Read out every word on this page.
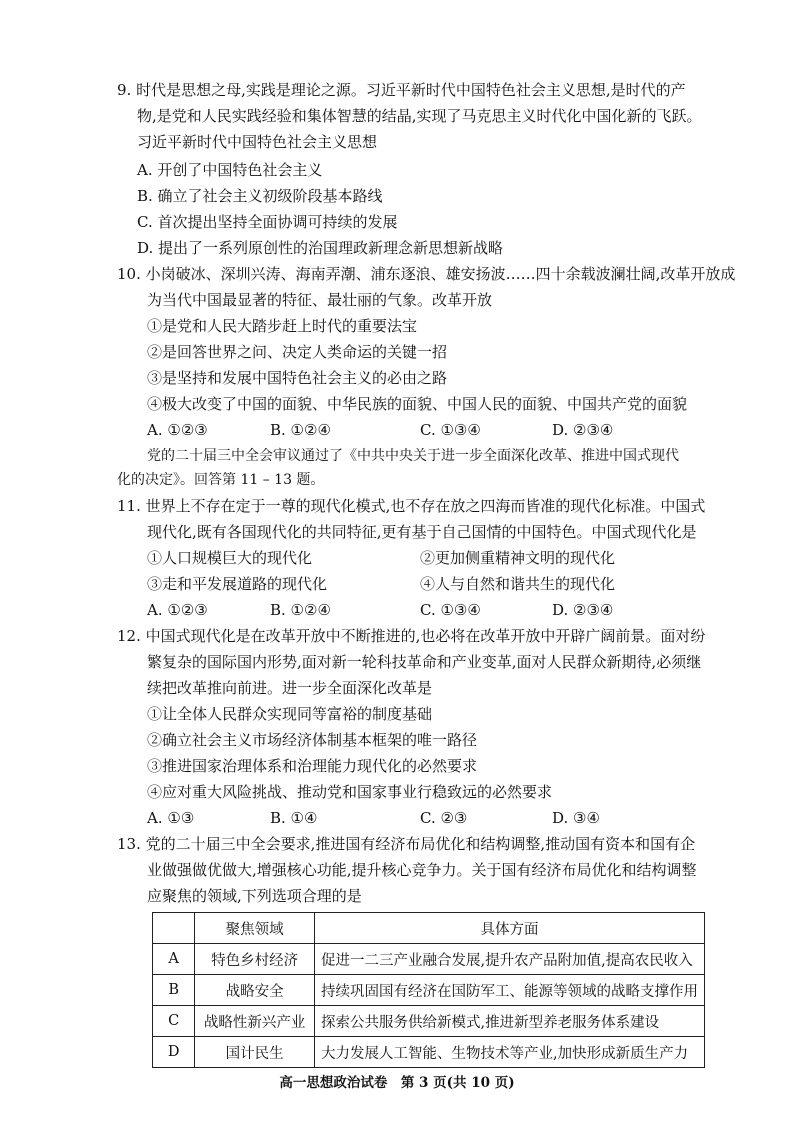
9. 时代是思想之母,实践是理论之源。习近平新时代中国特色社会主义思想,是时代的产
物,是党和人民实践经验和集体智慧的结晶,实现了马克思主义时代化中国化新的飞跃。
习近平新时代中国特色社会主义思想
A. 开创了中国特色社会主义
B. 确立了社会主义初级阶段基本路线
C. 首次提出坚持全面协调可持续的发展
D. 提出了一系列原创性的治国理政新理念新思想新战略
10. 小岗破冰、深圳兴涛、海南弄潮、浦东逐浪、雄安扬波……四十余载波澜壮阔,改革开放成
为当代中国最显著的特征、最壮丽的气象。改革开放
①是党和人民大踏步赶上时代的重要法宝
②是回答世界之问、决定人类命运的关键一招
③是坚持和发展中国特色社会主义的必由之路
④极大改变了中国的面貌、中华民族的面貌、中国人民的面貌、中国共产党的面貌
A. ①②③	B. ①②④	C. ①③④	D. ②③④
党的二十届三中全会审议通过了《中共中央关于进一步全面深化改革、推进中国式现代
化的决定》。回答第 11 – 13 题。
11. 世界上不存在定于一尊的现代化模式,也不存在放之四海而皆准的现代化标准。中国式
现代化,既有各国现代化的共同特征,更有基于自己国情的中国特色。中国式现代化是
①人口规模巨大的现代化	②更加侧重精神文明的现代化
③走和平发展道路的现代化	④人与自然和谐共生的现代化
A. ①②③	B. ①②④	C. ①③④	D. ②③④
12. 中国式现代化是在改革开放中不断推进的,也必将在改革开放中开辟广阔前景。面对纷
繁复杂的国际国内形势,面对新一轮科技革命和产业变革,面对人民群众新期待,必须继
续把改革推向前进。进一步全面深化改革是
①让全体人民群众实现同等富裕的制度基础
②确立社会主义市场经济体制基本框架的唯一路径
③推进国家治理体系和治理能力现代化的必然要求
④应对重大风险挑战、推动党和国家事业行稳致远的必然要求
A. ①③	B. ①④	C. ②③	D. ③④
13. 党的二十届三中全会要求,推进国有经济布局优化和结构调整,推动国有资本和国有企
业做强做优做大,增强核心功能,提升核心竞争力。关于国有经济布局优化和结构调整
应聚焦的领域,下列选项合理的是
	聚焦领域	具体方面
A	特色乡村经济	促进一二三产业融合发展,提升农产品附加值,提高农民收入
B	战略安全	持续巩固国有经济在国防军工、能源等领域的战略支撑作用
C	战略性新兴产业	探索公共服务供给新模式,推进新型养老服务体系建设
D	国计民生	大力发展人工智能、生物技术等产业,加快形成新质生产力
高一思想政治试卷　第 3 页(共 10 页)
